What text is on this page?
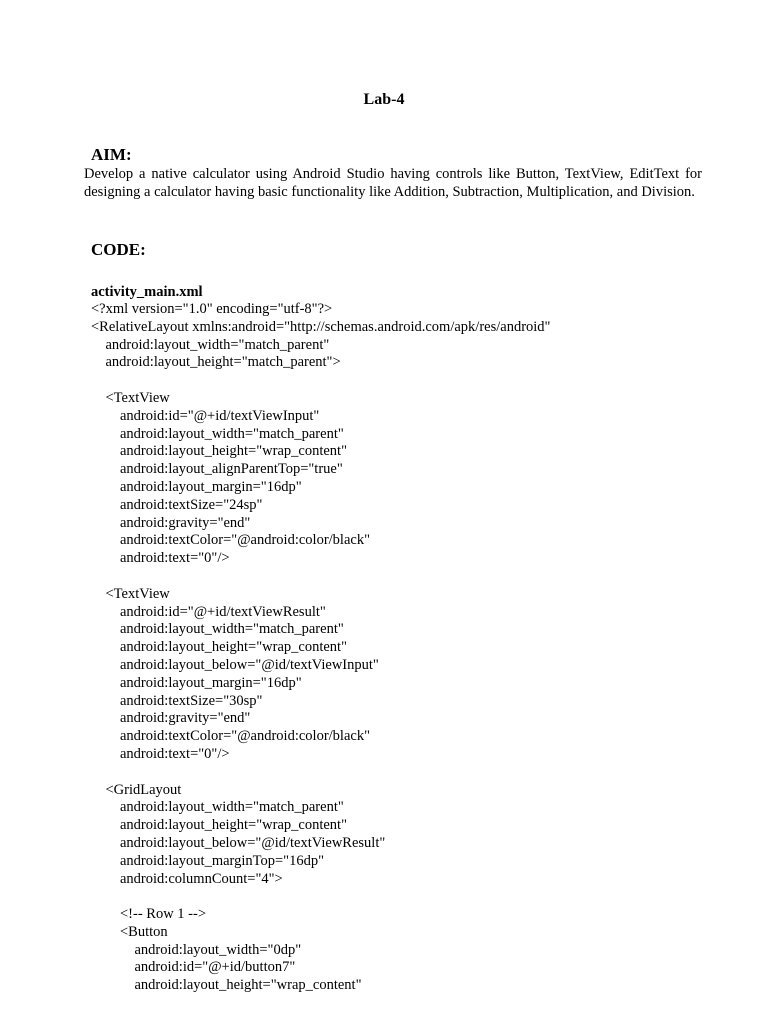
Lab-4
AIM:
Develop a native calculator using Android Studio having controls like Button, TextView, EditText for designing a calculator having basic functionality like Addition, Subtraction, Multiplication, and Division.
CODE:
activity_main.xml
<?xml version="1.0" encoding="utf-8"?>
<RelativeLayout xmlns:android="http://schemas.android.com/apk/res/android"
android:layout_width="match_parent"
android:layout_height="match_parent">
<TextView
android:id="@+id/textViewInput"
android:layout_width="match_parent"
android:layout_height="wrap_content"
android:layout_alignParentTop="true"
android:layout_margin="16dp"
android:textSize="24sp"
android:gravity="end"
android:textColor="@android:color/black"
android:text="0"/>
<TextView
android:id="@+id/textViewResult"
android:layout_width="match_parent"
android:layout_height="wrap_content"
android:layout_below="@id/textViewInput"
android:layout_margin="16dp"
android:textSize="30sp"
android:gravity="end"
android:textColor="@android:color/black"
android:text="0"/>
<GridLayout
android:layout_width="match_parent"
android:layout_height="wrap_content"
android:layout_below="@id/textViewResult"
android:layout_marginTop="16dp"
android:columnCount="4">
<!-- Row 1 -->
<Button
android:layout_width="0dp"
android:id="@+id/button7"
android:layout_height="wrap_content"
